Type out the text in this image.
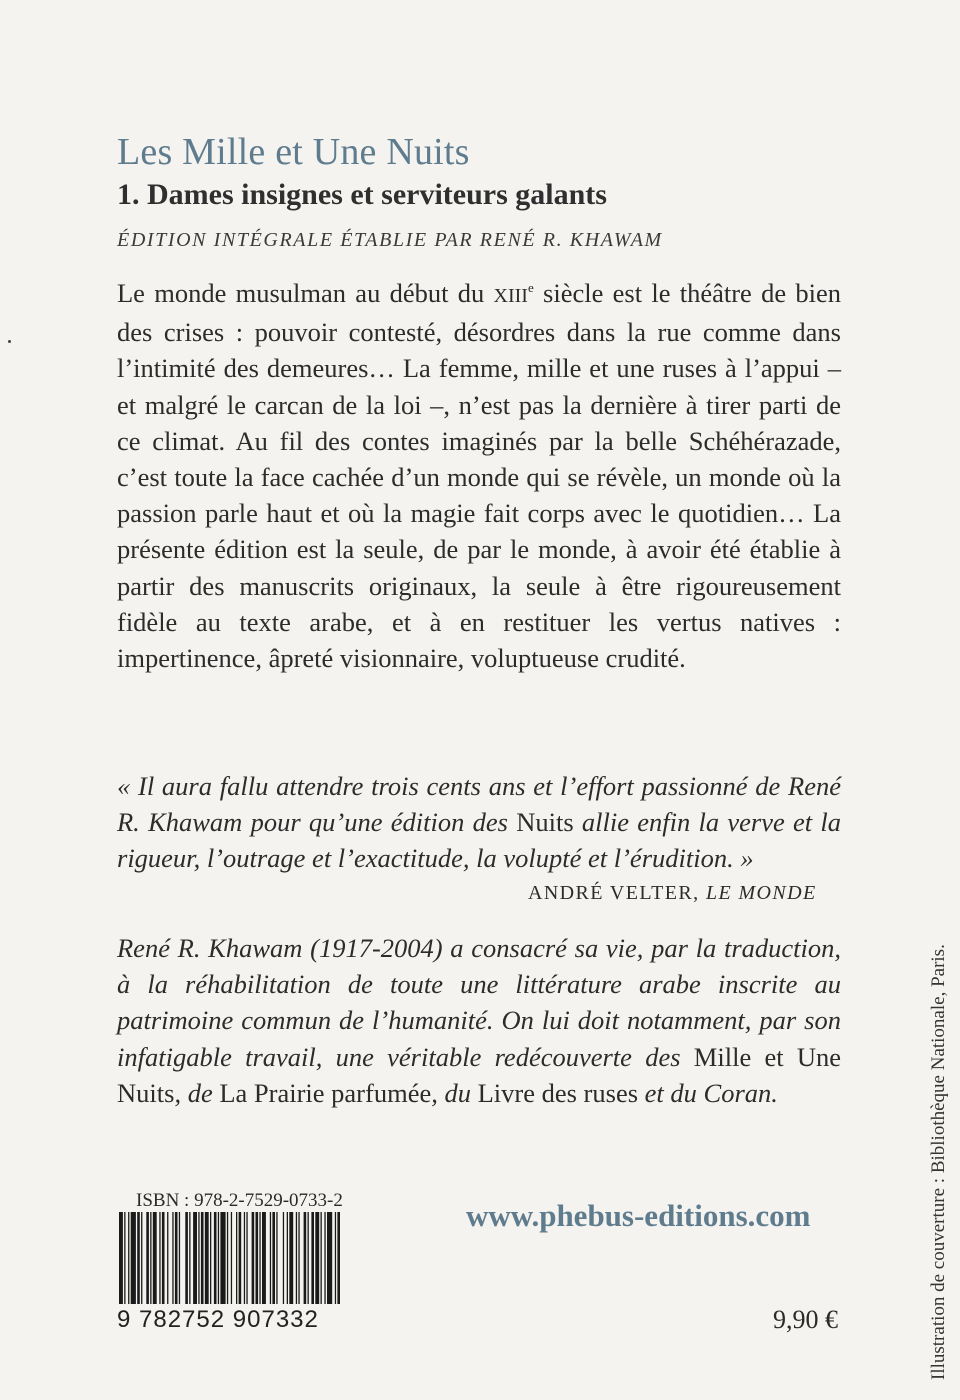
Les Mille et Une Nuits
1. Dames insignes et serviteurs galants
ÉDITION INTÉGRALE ÉTABLIE PAR RENÉ R. KHAWAM

Le monde musulman au début du XIIIe siècle est le théâtre de bien des crises : pouvoir contesté, désordres dans la rue comme dans l’intimité des demeures… La femme, mille et une ruses à l’appui – et malgré le carcan de la loi –, n’est pas la dernière à tirer parti de ce climat. Au fil des contes imaginés par la belle Schéhérazade, c’est toute la face cachée d’un monde qui se révèle, un monde où la passion parle haut et où la magie fait corps avec le quotidien… La présente édition est la seule, de par le monde, à avoir été établie à partir des manuscrits originaux, la seule à être rigoureusement fidèle au texte arabe, et à en restituer les vertus natives : impertinence, âpreté visionnaire, voluptueuse crudité.

« Il aura fallu attendre trois cents ans et l’effort passionné de René R. Khawam pour qu’une édition des Nuits allie enfin la verve et la rigueur, l’outrage et l’exactitude, la volupté et l’érudition. »

ANDRÉ VELTER, LE MONDE

René R. Khawam (1917-2004) a consacré sa vie, par la traduction, à la réhabilitation de toute une littérature arabe inscrite au patrimoine commun de l’humanité. On lui doit notamment, par son infatigable travail, une véritable redécouverte des Mille et Une Nuits, de La Prairie parfumée, du Livre des ruses et du Coran.

ISBN : 978-2-7529-0733-2
9 782752 907332
www.phebus-editions.com
9,90 €	Illustration de couverture : Bibliothèque Nationale, Paris.
